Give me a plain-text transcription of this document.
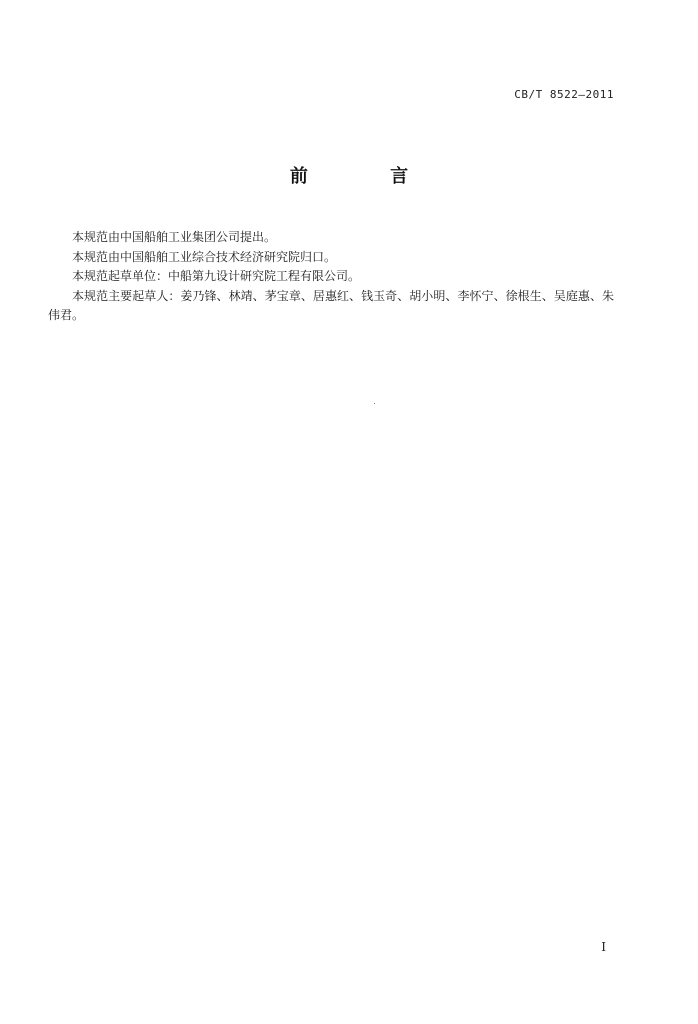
CB/T 8522—2011
前 言

本规范由中国船舶工业集团公司提出。

本规范由中国船舶工业综合技术经济研究院归口。

本规范起草单位：中船第九设计研究院工程有限公司。

本规范主要起草人：姜乃锋、林靖、茅宝章、居惠红、钱玉奇、胡小明、李怀宁、徐根生、吴庭惠、朱伟君。

I
